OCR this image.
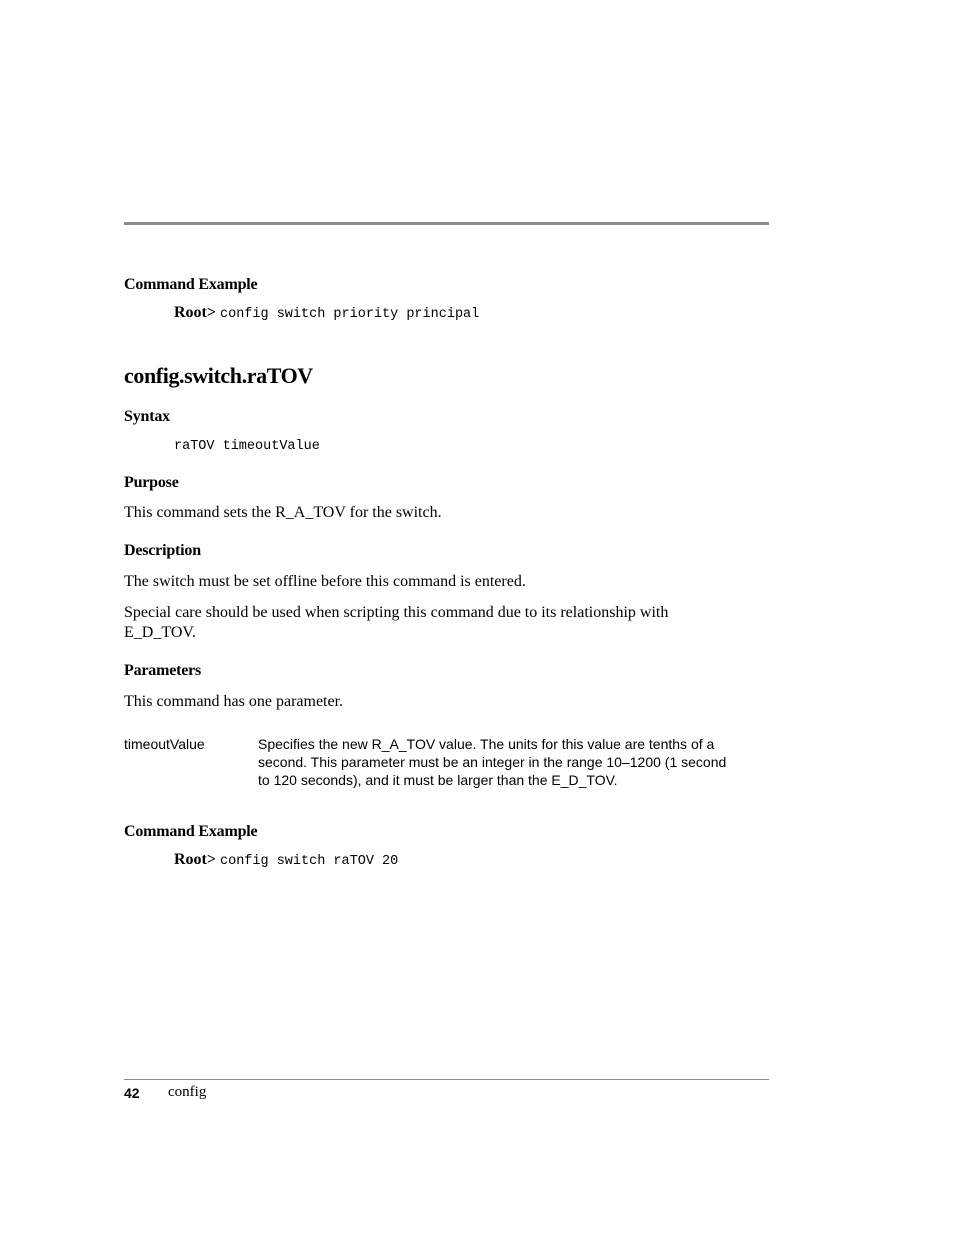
Command Example
Root> config switch priority principal
config.switch.raTOV
Syntax
raTOV timeoutValue
Purpose
This command sets the R_A_TOV for the switch.
Description
The switch must be set offline before this command is entered.
Special care should be used when scripting this command due to its relationship with
E_D_TOV.
Parameters
This command has one parameter.
timeoutValue	Specifies the new R_A_TOV value. The units for this value are tenths of a
second. This parameter must be an integer in the range 10–1200 (1 second
to 120 seconds), and it must be larger than the E_D_TOV.
Command Example
Root> config switch raTOV 20
42 config
